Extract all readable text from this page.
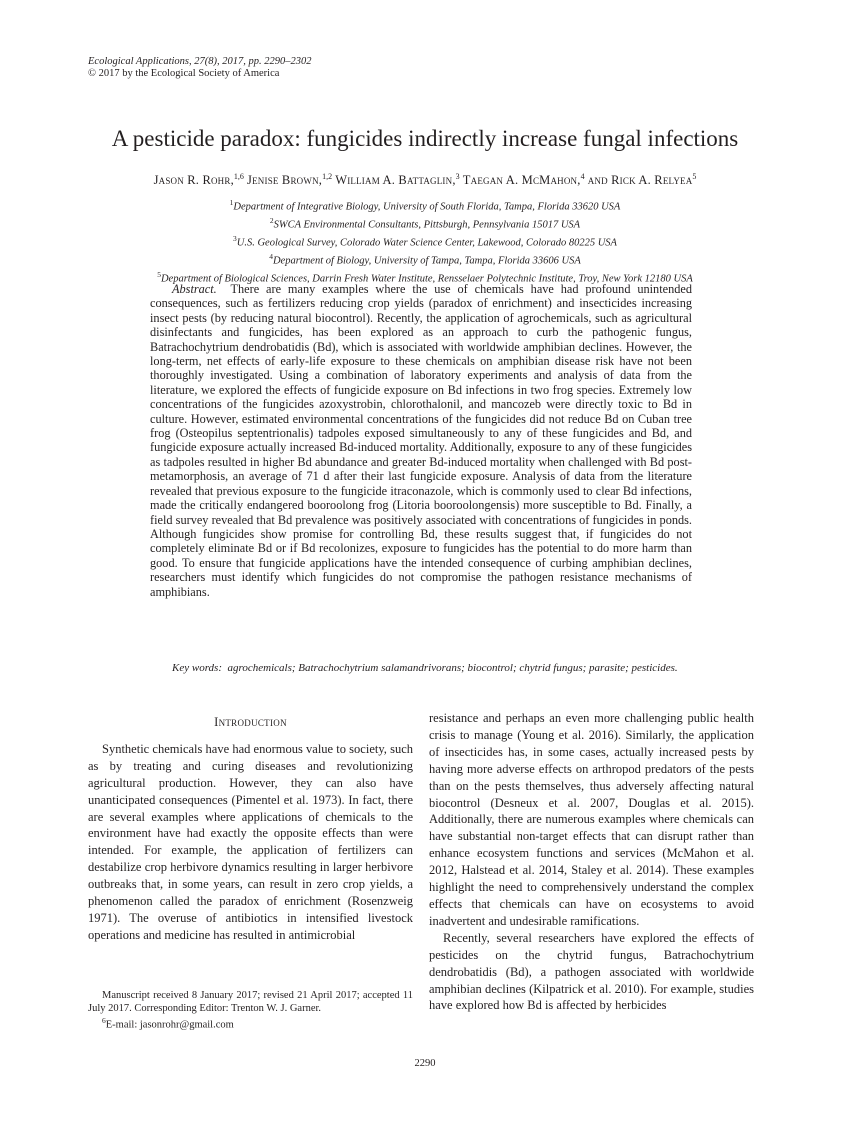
Ecological Applications, 27(8), 2017, pp. 2290–2302
© 2017 by the Ecological Society of America
A pesticide paradox: fungicides indirectly increase fungal infections
Jason R. Rohr,$^{1,6}$ Jenise Brown,$^{1,2}$ William A. Battaglin,$^3$ Taegan A. McMahon,$^4$ and Rick A. Relyea$^5$
$^1$Department of Integrative Biology, University of South Florida, Tampa, Florida 33620 USA
$^2$SWCA Environmental Consultants, Pittsburgh, Pennsylvania 15017 USA
$^3$U.S. Geological Survey, Colorado Water Science Center, Lakewood, Colorado 80225 USA
$^4$Department of Biology, University of Tampa, Tampa, Florida 33606 USA
$^5$Department of Biological Sciences, Darrin Fresh Water Institute, Rensselaer Polytechnic Institute, Troy, New York 12180 USA

Abstract. There are many examples where the use of chemicals have had profound unintended consequences, such as fertilizers reducing crop yields (paradox of enrichment) and insecticides increasing insect pests (by reducing natural biocontrol). Recently, the application of agrochemicals, such as agricultural disinfectants and fungicides, has been explored as an approach to curb the pathogenic fungus, Batrachochytrium dendrobatidis (Bd), which is associated with worldwide amphibian declines. However, the long-term, net effects of early-life exposure to these chemicals on amphibian disease risk have not been thoroughly investigated. Using a combination of laboratory experiments and analysis of data from the literature, we explored the effects of fungicide exposure on Bd infections in two frog species. Extremely low concentrations of the fungicides azoxystrobin, chlorothalonil, and mancozeb were directly toxic to Bd in culture. However, estimated environmental concentrations of the fungicides did not reduce Bd on Cuban tree frog (Osteopilus septentrionalis) tadpoles exposed simultaneously to any of these fungicides and Bd, and fungicide exposure actually increased Bd-induced mortality. Additionally, exposure to any of these fungicides as tadpoles resulted in higher Bd abundance and greater Bd-induced mortality when challenged with Bd post-metamorphosis, an average of 71 d after their last fungicide exposure. Analysis of data from the literature revealed that previous exposure to the fungicide itraconazole, which is commonly used to clear Bd infections, made the critically endangered booroolong frog (Litoria booroolongensis) more susceptible to Bd. Finally, a field survey revealed that Bd prevalence was positively associated with concentrations of fungicides in ponds. Although fungicides show promise for controlling Bd, these results suggest that, if fungicides do not completely eliminate Bd or if Bd recolonizes, exposure to fungicides has the potential to do more harm than good. To ensure that fungicide applications have the intended consequence of curbing amphibian declines, researchers must identify which fungicides do not compromise the pathogen resistance mechanisms of amphibians.

Key words: agrochemicals; Batrachochytrium salamandrivorans; biocontrol; chytrid fungus; parasite; pesticides.

Introduction

Synthetic chemicals have had enormous value to society, such as by treating and curing diseases and revolutionizing agricultural production. However, they can also have unanticipated consequences (Pimentel et al. 1973). In fact, there are several examples where applications of chemicals to the environment have had exactly the opposite effects than were intended. For example, the application of fertilizers can destabilize crop herbivore dynamics resulting in larger herbivore outbreaks that, in some years, can result in zero crop yields, a phenomenon called the paradox of enrichment (Rosenzweig 1971). The overuse of antibiotics in intensified livestock operations and medicine has resulted in antimicrobial

resistance and perhaps an even more challenging public health crisis to manage (Young et al. 2016). Similarly, the application of insecticides has, in some cases, actually increased pests by having more adverse effects on arthropod predators of the pests than on the pests themselves, thus adversely affecting natural biocontrol (Desneux et al. 2007, Douglas et al. 2015). Additionally, there are numerous examples where chemicals can have substantial non-target effects that can disrupt rather than enhance ecosystem functions and services (McMahon et al. 2012, Halstead et al. 2014, Staley et al. 2014). These examples highlight the need to comprehensively understand the complex effects that chemicals can have on ecosystems to avoid inadvertent and undesirable ramifications.

Recently, several researchers have explored the effects of pesticides on the chytrid fungus, Batrachochytrium dendrobatidis (Bd), a pathogen associated with worldwide amphibian declines (Kilpatrick et al. 2010). For example, studies have explored how Bd is affected by herbicides

Manuscript received 8 January 2017; revised 21 April 2017; accepted 11 July 2017. Corresponding Editor: Trenton W. J. Garner.

$^6$E-mail: jasonrohr@gmail.com

2290
